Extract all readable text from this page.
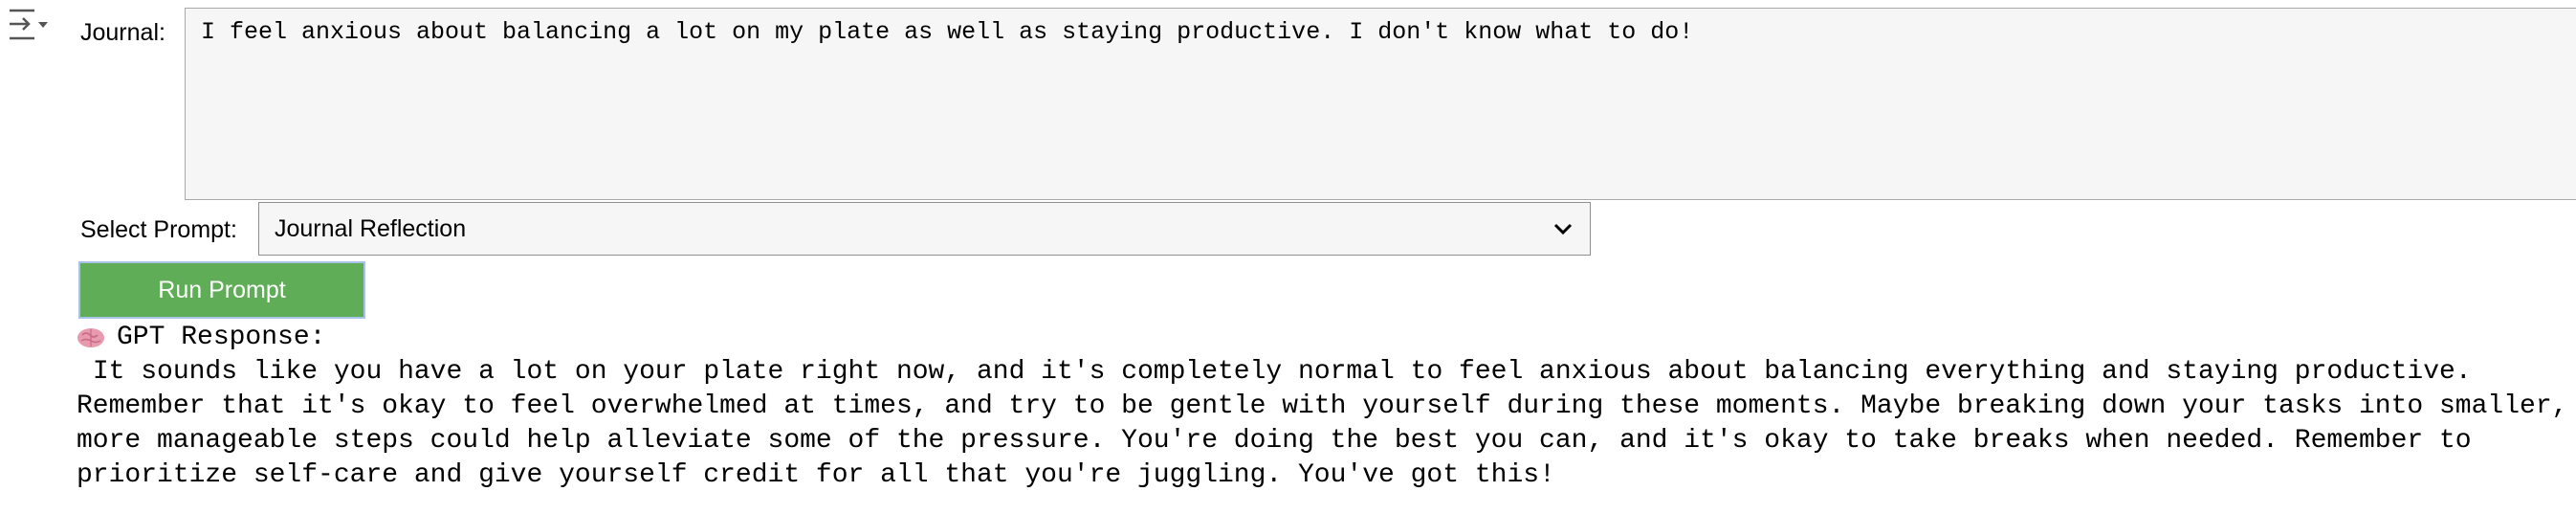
Journal:
I feel anxious about balancing a lot on my plate as well as staying productive. I don't know what to do!
Select Prompt: Journal Reflection
Run Prompt
GPT Response:
It sounds like you have a lot on your plate right now, and it's completely normal to feel anxious about balancing everything and staying productive.
Remember that it's okay to feel overwhelmed at times, and try to be gentle with yourself during these moments. Maybe breaking down your tasks into smaller,
more manageable steps could help alleviate some of the pressure. You're doing the best you can, and it's okay to take breaks when needed. Remember to
prioritize self-care and give yourself credit for all that you're juggling. You've got this!
